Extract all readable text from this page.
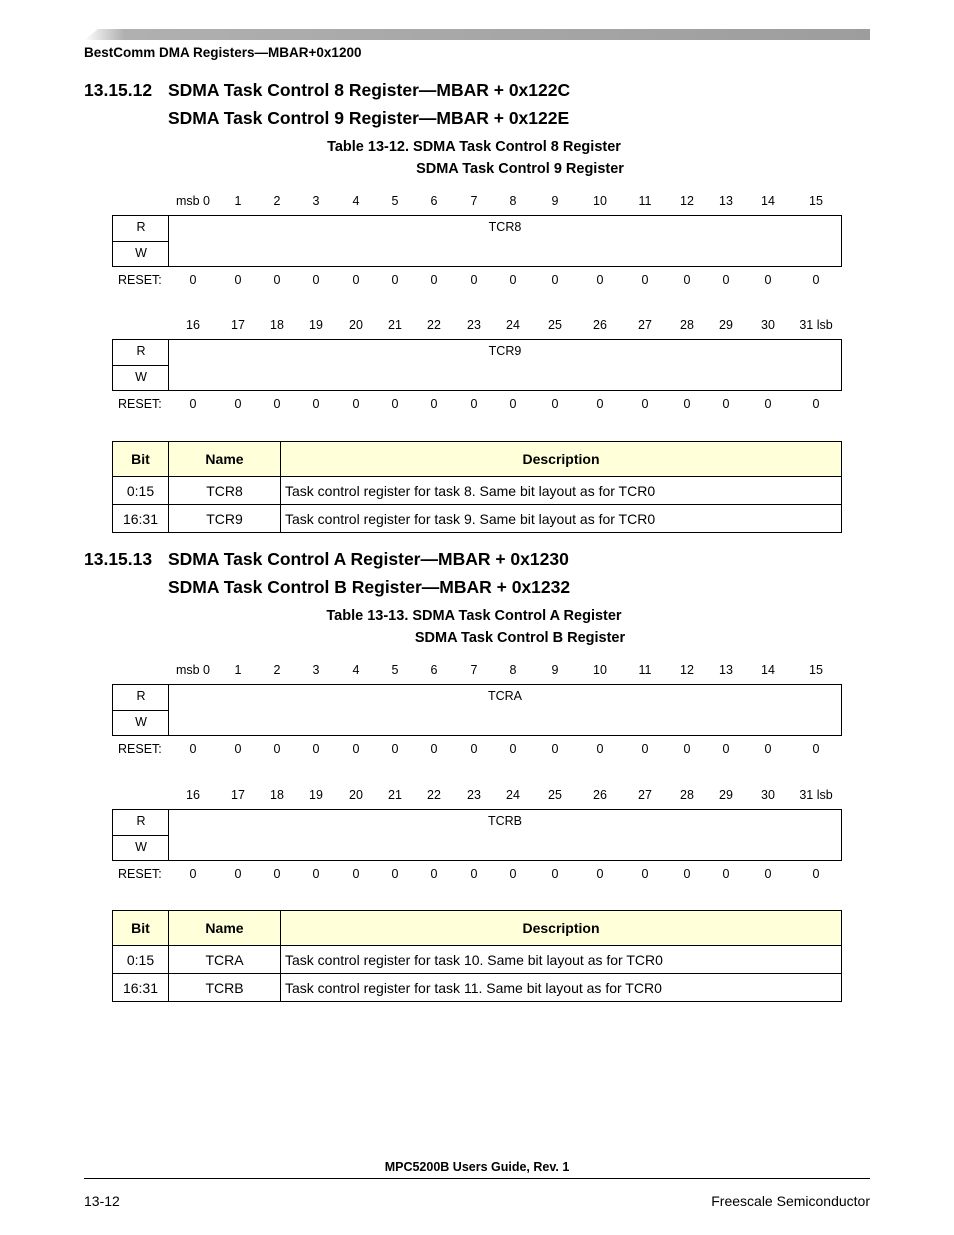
BestComm DMA Registers—MBAR+0x1200
13.15.12 SDMA Task Control 8 Register—MBAR + 0x122C
SDMA Task Control 9 Register—MBAR + 0x122E
Table 13-12. SDMA Task Control 8 Register
SDMA Task Control 9 Register
msb 0	1	2	3	4	5	6	7	8	9	10	11	12	13	14	15
R
W
TCR8
RESET:	0	0	0	0	0	0	0	0	0	0	0	0	0	0	0	0
16	17	18	19	20	21	22	23	24	25	26	27	28	29	30	31 lsb
R
W
TCR9
RESET:	0	0	0	0	0	0	0	0	0	0	0	0	0	0	0	0
Bit	Name	Description
0:15	TCR8	Task control register for task 8. Same bit layout as for TCR0
16:31	TCR9	Task control register for task 9. Same bit layout as for TCR0
13.15.13 SDMA Task Control A Register—MBAR + 0x1230
SDMA Task Control B Register—MBAR + 0x1232
Table 13-13. SDMA Task Control A Register
SDMA Task Control B Register
msb 0	1	2	3	4	5	6	7	8	9	10	11	12	13	14	15
R
W
TCRA
RESET:	0	0	0	0	0	0	0	0	0	0	0	0	0	0	0	0
16	17	18	19	20	21	22	23	24	25	26	27	28	29	30	31 lsb
R
W
TCRB
RESET:	0	0	0	0	0	0	0	0	0	0	0	0	0	0	0	0
Bit	Name	Description
0:15	TCRA	Task control register for task 10. Same bit layout as for TCR0
16:31	TCRB	Task control register for task 11. Same bit layout as for TCR0
MPC5200B Users Guide, Rev. 1
13-12	Freescale Semiconductor
